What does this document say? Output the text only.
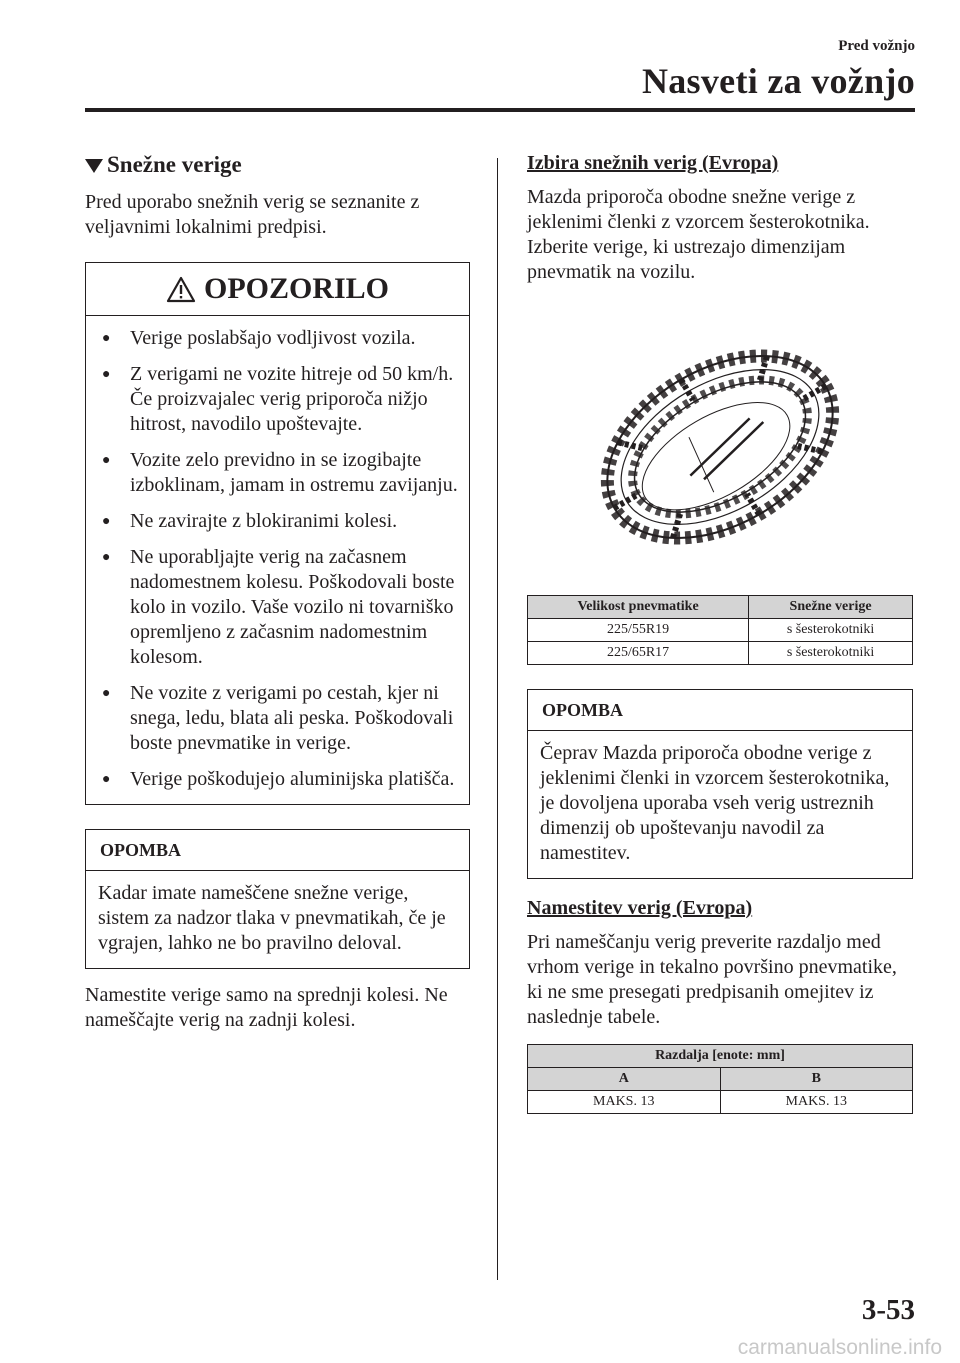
Pred vožnjo
Nasveti za vožnjo
Snežne verige

Pred uporabo snežnih verig se seznanite z veljavnimi lokalnimi predpisi.

OPOZORILO
● Verige poslabšajo vodljivost vozila.
● Z verigami ne vozite hitreje od 50 km/h. Če proizvajalec verig priporoča nižjo hitrost, navodilo upoštevajte.
● Vozite zelo previdno in se izogibajte izboklinam, jamam in ostremu zavijanju.
● Ne zavirajte z blokiranimi kolesi.
● Ne uporabljajte verig na začasnem nadomestnem kolesu. Poškodovali boste kolo in vozilo. Vaše vozilo ni tovarniško opremljeno z začasnim nadomestnim kolesom.
● Ne vozite z verigami po cestah, kjer ni snega, ledu, blata ali peska. Poškodovali boste pnevmatike in verige.
● Verige poškodujejo aluminijska platišča.
OPOMBA
Kadar imate nameščene snežne verige, sistem za nadzor tlaka v pnevmatikah, če je vgrajen, lahko ne bo pravilno deloval.

Namestite verige samo na sprednji kolesi. Ne nameščajte verig na zadnji kolesi.

Izbira snežnih verig (Evropa)

Mazda priporoča obodne snežne verige z jeklenimi členki z vzorcem šesterokotnika. Izberite verige, ki ustrezajo dimenzijam pnevmatik na vozilu.

Velikost pnevmatike	Snežne verige
225/55R19	s šesterokotniki
225/65R17	s šesterokotniki
OPOMBA
Čeprav Mazda priporoča obodne verige z jeklenimi členki in vzorcem šesterokotnika, je dovoljena uporaba vseh verig ustreznih dimenzij ob upoštevanju navodil za namestitev.
Namestitev verig (Evropa)

Pri nameščanju verig preverite razdaljo med vrhom verige in tekalno površino pnevmatike, ki ne sme presegati predpisanih omejitev iz naslednje tabele.

Razdalja [enote: mm]	
A	B
MAKS. 13	MAKS. 13
3-53
carmanualsonline.info
